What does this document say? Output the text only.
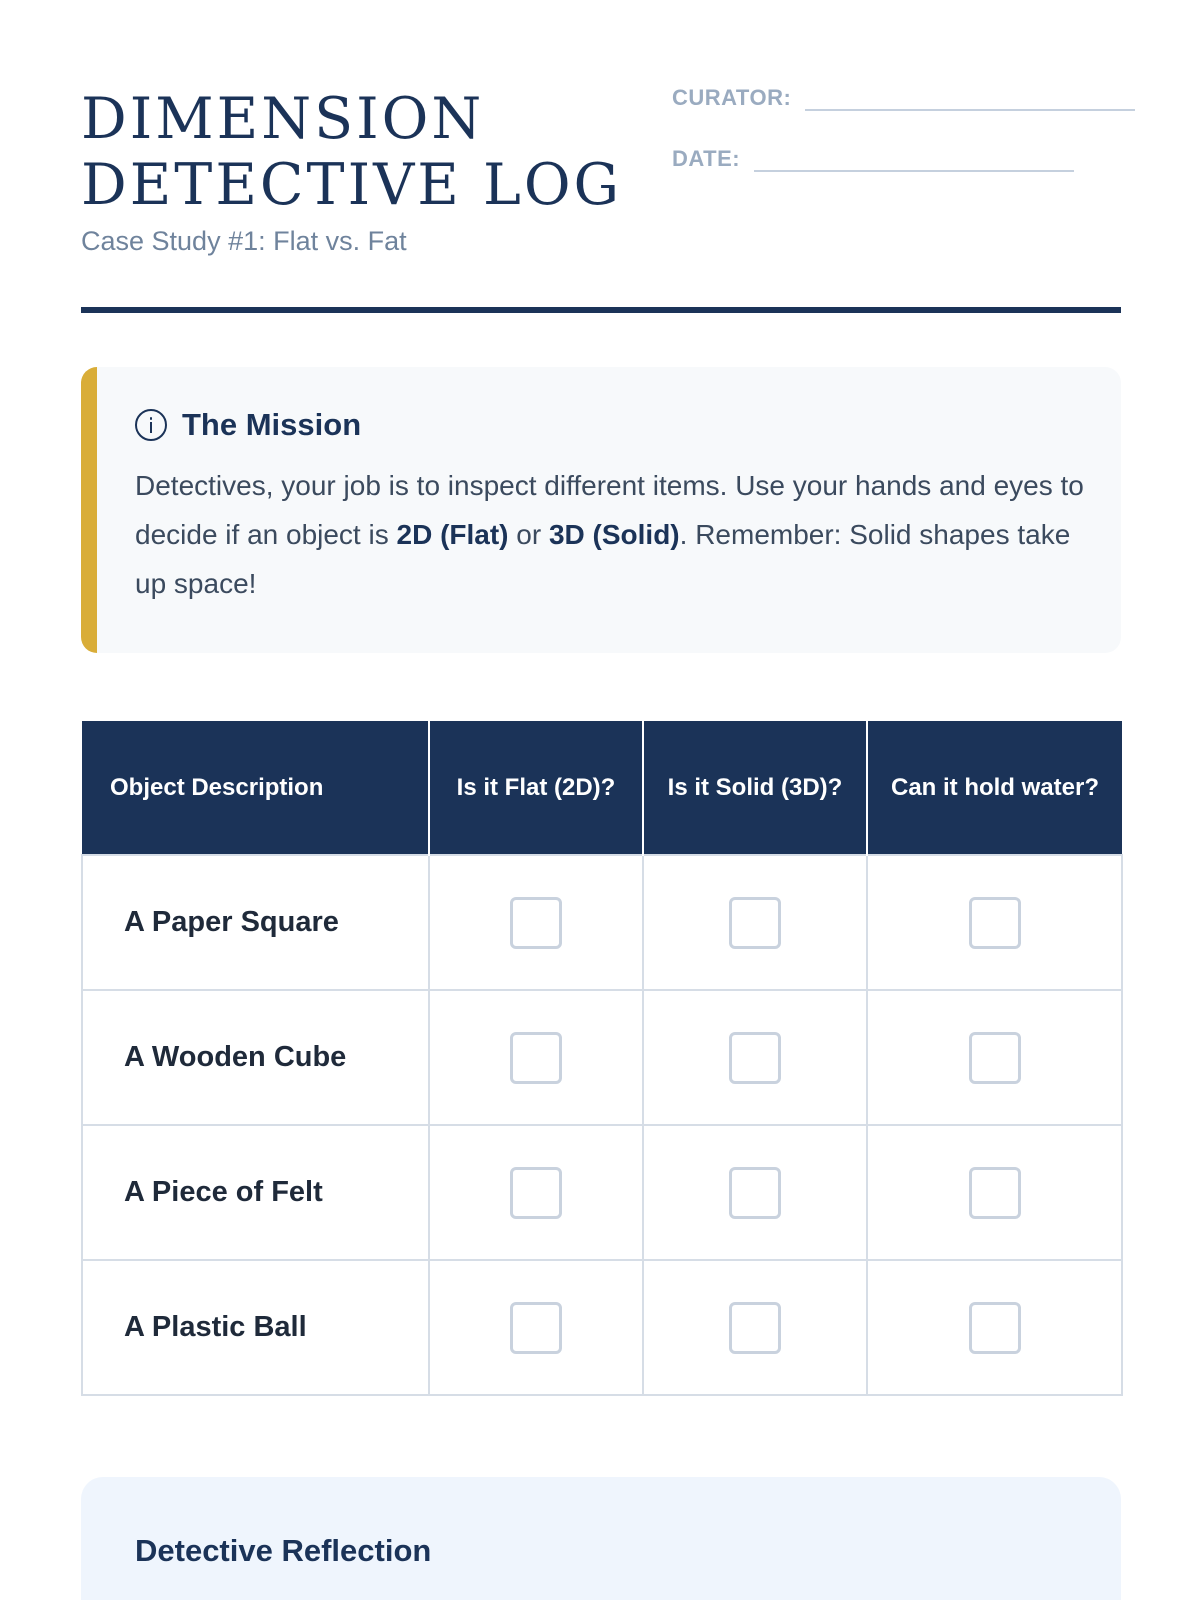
DIMENSION
DETECTIVE LOG
Case Study #1: Flat vs. Fat
CURATOR:
DATE:
The Mission

Detectives, your job is to inspect different items. Use your hands and eyes to decide if an object is 2D (Flat) or 3D (Solid). Remember: Solid shapes take up space!

Object Description	Is it Flat (2D)?	Is it Solid (3D)?	Can it hold water?
A Paper Square			
A Wooden Cube			
A Piece of Felt			
A Plastic Ball			
Detective Reflection
